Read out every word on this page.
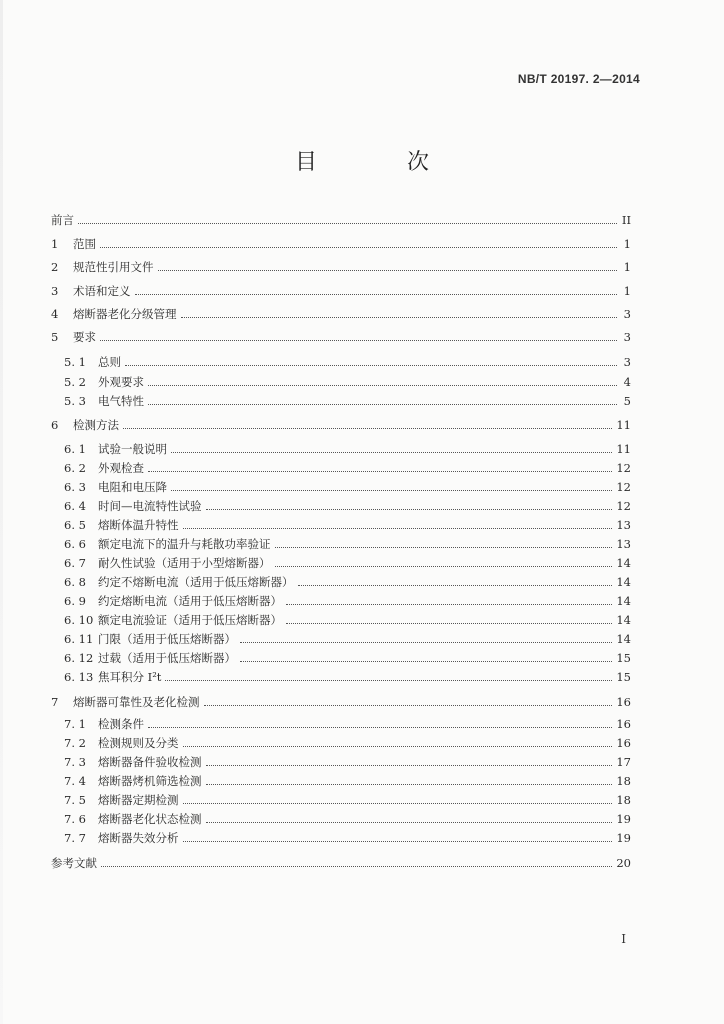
NB/T 20197. 2—2014
目　次
前言	II
1	范围	1
2	规范性引用文件	1
3	术语和定义	1
4	熔断器老化分级管理	3
5	要求	3
5. 1	总则	3
5. 2	外观要求	4
5. 3	电气特性	5
6	检测方法	11
6. 1	试验一般说明	11
6. 2	外观检查	12
6. 3	电阻和电压降	12
6. 4	时间—电流特性试验	12
6. 5	熔断体温升特性	13
6. 6	额定电流下的温升与耗散功率验证	13
6. 7	耐久性试验（适用于小型熔断器）	14
6. 8	约定不熔断电流（适用于低压熔断器）	14
6. 9	约定熔断电流（适用于低压熔断器）	14
6. 10 额定电流验证（适用于低压熔断器）	14
6. 11 门限（适用于低压熔断器）	14
6. 12 过载（适用于低压熔断器）	15
6. 13 焦耳积分 I²t	15
7	熔断器可靠性及老化检测	16
7. 1	检测条件	16
7. 2	检测规则及分类	16
7. 3	熔断器备件验收检测	17
7. 4	熔断器烤机筛选检测	18
7. 5	熔断器定期检测	18
7. 6	熔断器老化状态检测	19
7. 7	熔断器失效分析	19
参考文献	20
I
